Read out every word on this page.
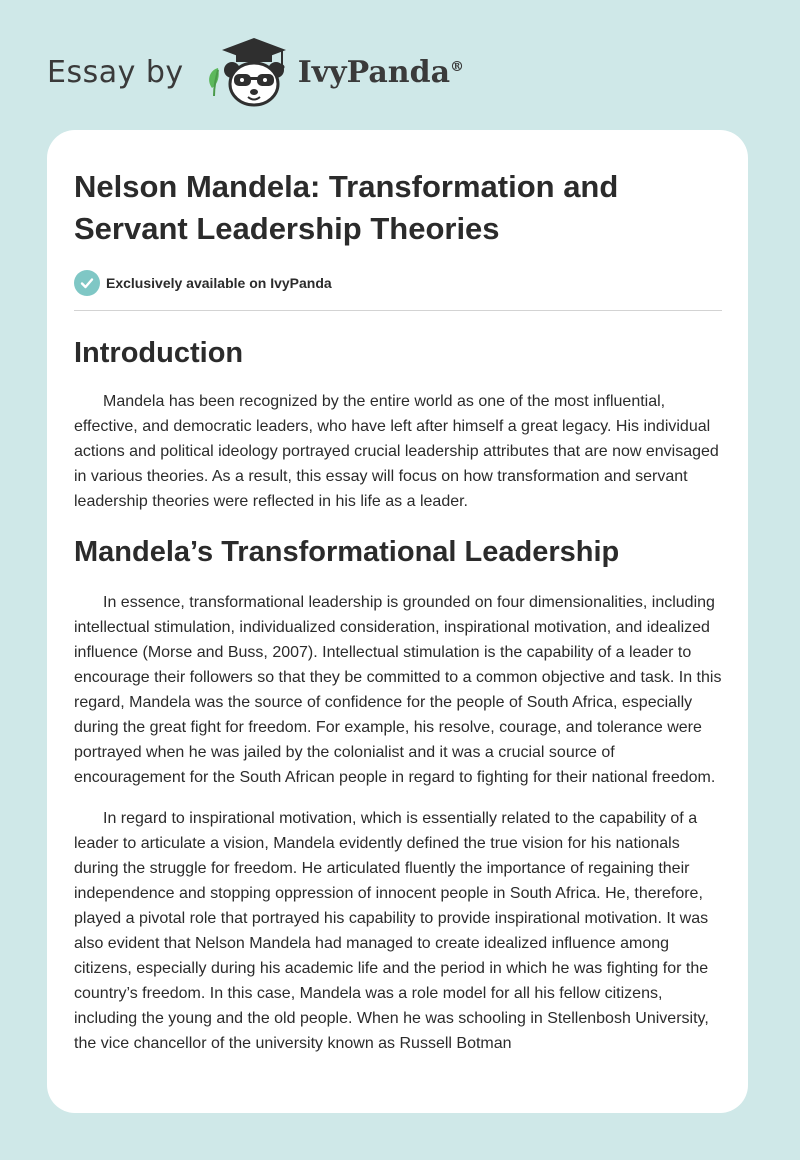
Essay by	IvyPanda®
Nelson Mandela: Transformation and Servant Leadership Theories
Exclusively available on IvyPanda
Introduction

Mandela has been recognized by the entire world as one of the most influential, effective, and democratic leaders, who have left after himself a great legacy. His individual actions and political ideology portrayed crucial leadership attributes that are now envisaged in various theories. As a result, this essay will focus on how transformation and servant leadership theories were reflected in his life as a leader.

Mandela’s Transformational Leadership

In essence, transformational leadership is grounded on four dimensionalities, including intellectual stimulation, individualized consideration, inspirational motivation, and idealized influence (Morse and Buss, 2007). Intellectual stimulation is the capability of a leader to encourage their followers so that they be committed to a common objective and task. In this regard, Mandela was the source of confidence for the people of South Africa, especially during the great fight for freedom. For example, his resolve, courage, and tolerance were portrayed when he was jailed by the colonialist and it was a crucial source of encouragement for the South African people in regard to fighting for their national freedom.

In regard to inspirational motivation, which is essentially related to the capability of a leader to articulate a vision, Mandela evidently defined the true vision for his nationals during the struggle for freedom. He articulated fluently the importance of regaining their independence and stopping oppression of innocent people in South Africa. He, therefore, played a pivotal role that portrayed his capability to provide inspirational motivation. It was also evident that Nelson Mandela had managed to create idealized influence among citizens, especially during his academic life and the period in which he was fighting for the country’s freedom. In this case, Mandela was a role model for all his fellow citizens, including the young and the old people. When he was schooling in Stellenbosh University, the vice chancellor of the university known as Russell Botman
